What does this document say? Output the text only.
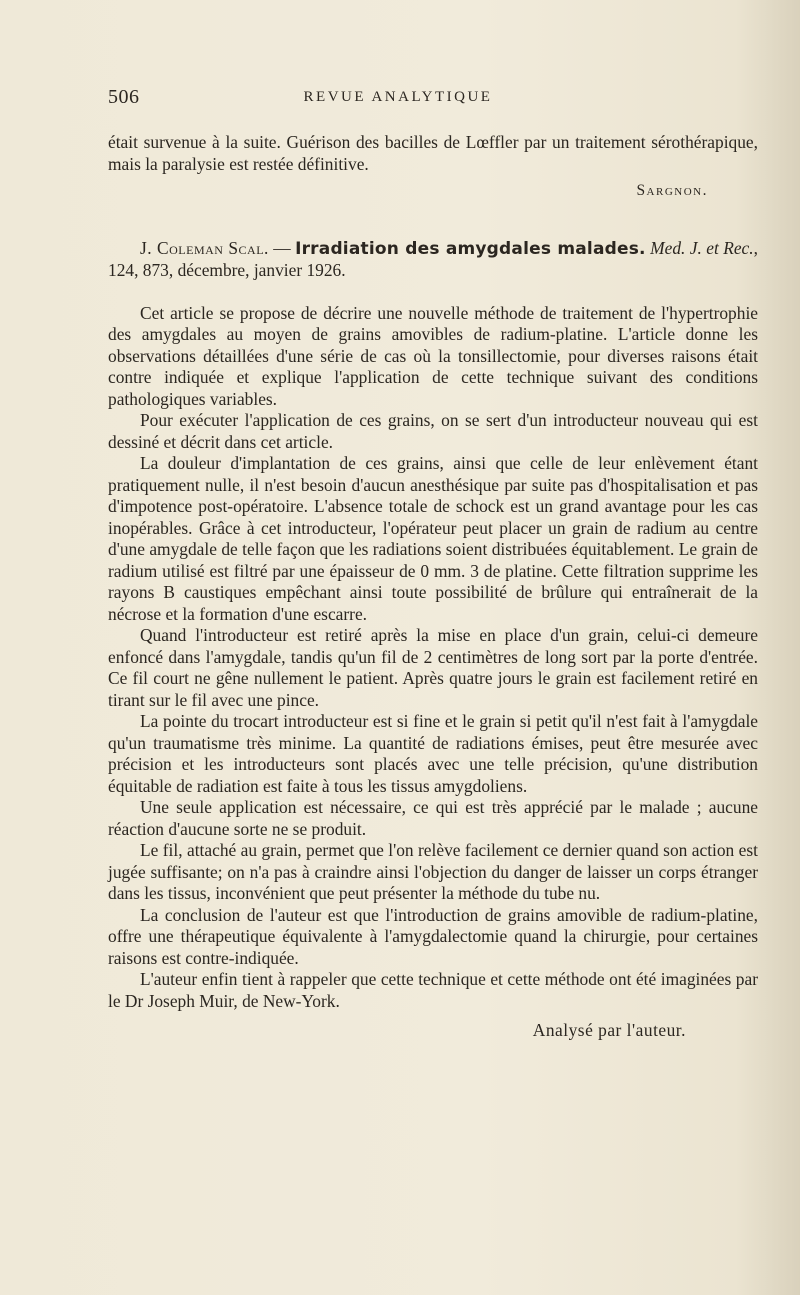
506	REVUE ANALYTIQUE

était survenue à la suite. Guérison des bacilles de Lœffler par un traitement sérothérapique, mais la paralysie est restée définitive.

Sargnon.

J. Coleman Scal. — Irradiation des amygdales malades. Med. J. et Rec., 124, 873, décembre, janvier 1926.

Cet article se propose de décrire une nouvelle méthode de traitement de l'hypertrophie des amygdales au moyen de grains amovibles de radium-platine. L'article donne les observations détaillées d'une série de cas où la tonsillectomie, pour diverses raisons était contre indiquée et explique l'application de cette technique suivant des conditions pathologiques variables.

Pour exécuter l'application de ces grains, on se sert d'un introducteur nouveau qui est dessiné et décrit dans cet article.

La douleur d'implantation de ces grains, ainsi que celle de leur enlèvement étant pratiquement nulle, il n'est besoin d'aucun anesthésique par suite pas d'hospitalisation et pas d'impotence post-opératoire. L'absence totale de schock est un grand avantage pour les cas inopérables. Grâce à cet introducteur, l'opérateur peut placer un grain de radium au centre d'une amygdale de telle façon que les radiations soient distribuées équitablement. Le grain de radium utilisé est filtré par une épaisseur de 0 mm. 3 de platine. Cette filtration supprime les rayons B caustiques empêchant ainsi toute possibilité de brûlure qui entraînerait de la nécrose et la formation d'une escarre.

Quand l'introducteur est retiré après la mise en place d'un grain, celui-ci demeure enfoncé dans l'amygdale, tandis qu'un fil de 2 centimètres de long sort par la porte d'entrée. Ce fil court ne gêne nullement le patient. Après quatre jours le grain est facilement retiré en tirant sur le fil avec une pince.

La pointe du trocart introducteur est si fine et le grain si petit qu'il n'est fait à l'amygdale qu'un traumatisme très minime. La quantité de radiations émises, peut être mesurée avec précision et les introducteurs sont placés avec une telle précision, qu'une distribution équitable de radiation est faite à tous les tissus amygdoliens.

Une seule application est nécessaire, ce qui est très apprécié par le malade ; aucune réaction d'aucune sorte ne se produit.

Le fil, attaché au grain, permet que l'on relève facilement ce dernier quand son action est jugée suffisante; on n'a pas à craindre ainsi l'objection du danger de laisser un corps étranger dans les tissus, inconvénient que peut présenter la méthode du tube nu.

La conclusion de l'auteur est que l'introduction de grains amovible de radium-platine, offre une thérapeutique équivalente à l'amygdalectomie quand la chirurgie, pour certaines raisons est contre-indiquée.

L'auteur enfin tient à rappeler que cette technique et cette méthode ont été imaginées par le Dr Joseph Muir, de New-York.

Analysé par l'auteur.
